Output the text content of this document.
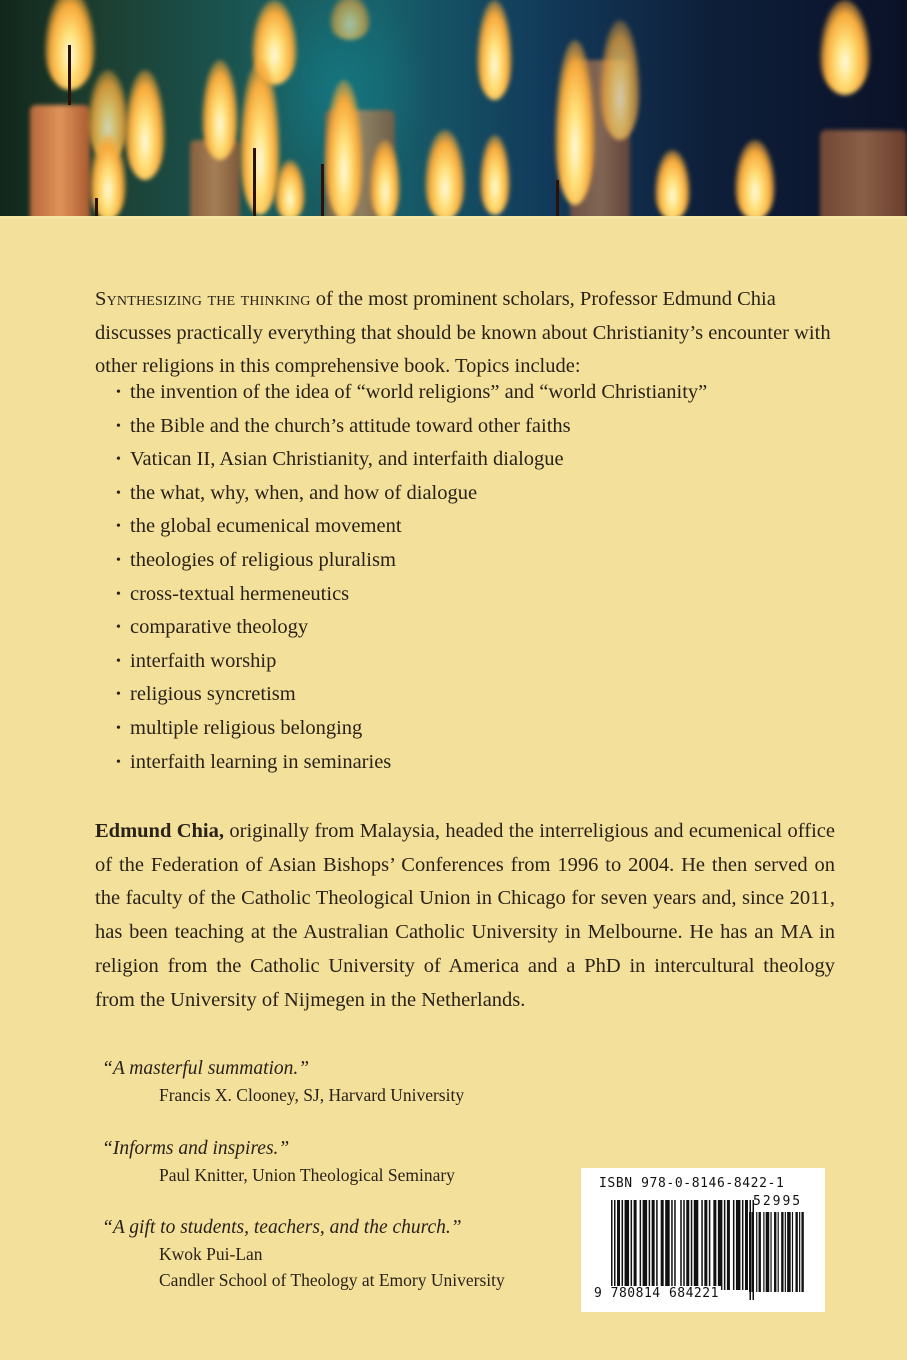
Synthesizing the thinking of the most prominent scholars, Professor Edmund Chia discusses practically everything that should be known about Christianity’s encounter with other religions in this comprehensive book. Topics include:

• the invention of the idea of “world religions” and “world Christianity”
• the Bible and the church’s attitude toward other faiths
• Vatican II, Asian Christianity, and interfaith dialogue
• the what, why, when, and how of dialogue
• the global ecumenical movement
• theologies of religious pluralism
• cross-textual hermeneutics
• comparative theology
• interfaith worship
• religious syncretism
• multiple religious belonging
• interfaith learning in seminaries

Edmund Chia, originally from Malaysia, headed the interreligious and ecumenical office of the Federation of Asian Bishops’ Conferences from 1996 to 2004. He then served on the faculty of the Catholic Theological Union in Chicago for seven years and, since 2011, has been teaching at the Australian Catholic University in Melbourne. He has an MA in religion from the Catholic University of America and a PhD in intercultural theology from the University of Nijmegen in the Netherlands.

“A masterful summation.”
Francis X. Clooney, SJ, Harvard University
“Informs and inspires.”
Paul Knitter, Union Theological Seminary
“A gift to students, teachers, and the church.”
Kwok Pui-Lan
Candler School of Theology at Emory University
ISBN 978-0-8146-8422-1
52995
9 780814 684221
